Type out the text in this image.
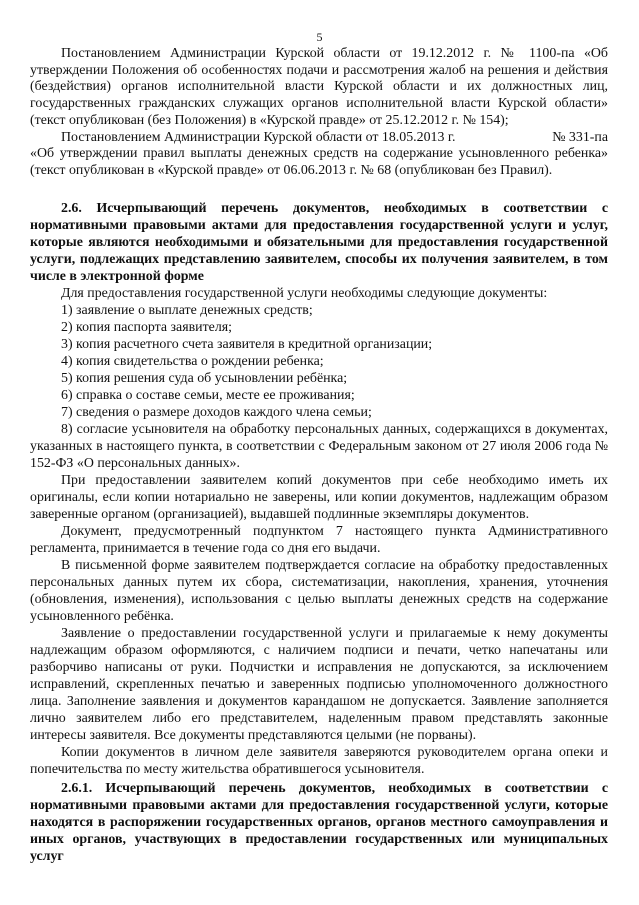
5

Постановлением Администрации Курской области от 19.12.2012 г. № 1100-па «Об утверждении Положения об особенностях подачи и рассмотрения жалоб на решения и действия (бездействия) органов исполнительной власти Курской области и их должностных лиц, государственных гражданских служащих органов исполнительной власти Курской области» (текст опубликован (без Положения) в «Курской правде» от 25.12.2012 г. № 154);

Постановлением Администрации Курской области от 18.05.2013 г.	№ 331-па

«Об утверждении правил выплаты денежных средств на содержание усыновленного ребенка» (текст опубликован в «Курской правде» от 06.06.2013 г. № 68 (опубликован без Правил).

2.6. Исчерпывающий перечень документов, необходимых в соответствии с нормативными правовыми актами для предоставления государственной услуги и услуг, которые являются необходимыми и обязательными для предоставления государственной услуги, подлежащих представлению заявителем, способы их получения заявителем, в том числе в электронной форме

Для предоставления государственной услуги необходимы следующие документы:

1) заявление о выплате денежных средств;
2) копия паспорта заявителя;
3) копия расчетного счета заявителя в кредитной организации;
4) копия свидетельства о рождении ребенка;
5) копия решения суда об усыновлении ребёнка;
6) справка о составе семьи, месте ее проживания;
7) сведения о размере доходов каждого члена семьи;

8) согласие усыновителя на обработку персональных данных, содержащихся в документах, указанных в настоящего пункта, в соответствии с Федеральным законом от 27 июля 2006 года № 152-ФЗ «О персональных данных».

При предоставлении заявителем копий документов при себе необходимо иметь их оригиналы, если копии нотариально не заверены, или копии документов, надлежащим образом заверенные органом (организацией), выдавшей подлинные экземпляры документов.

Документ, предусмотренный подпунктом 7 настоящего пункта Административного регламента, принимается в течение года со дня его выдачи.

В письменной форме заявителем подтверждается согласие на обработку предоставленных персональных данных путем их сбора, систематизации, накопления, хранения, уточнения (обновления, изменения), использования с целью выплаты денежных средств на содержание усыновленного ребёнка.

Заявление о предоставлении государственной услуги и прилагаемые к нему документы надлежащим образом оформляются, с наличием подписи и печати, четко напечатаны или разборчиво написаны от руки. Подчистки и исправления не допускаются, за исключением исправлений, скрепленных печатью и заверенных подписью уполномоченного должностного лица. Заполнение заявления и документов карандашом не допускается. Заявление заполняется лично заявителем либо его представителем, наделенным правом представлять законные интересы заявителя. Все документы представляются целыми (не порваны).

Копии документов в личном деле заявителя заверяются руководителем органа опеки и попечительства по месту жительства обратившегося усыновителя.

2.6.1. Исчерпывающий перечень документов, необходимых в соответствии с нормативными правовыми актами для предоставления государственной услуги, которые находятся в распоряжении государственных органов, органов местного самоуправления и иных органов, участвующих в предоставлении государственных или муниципальных услуг
